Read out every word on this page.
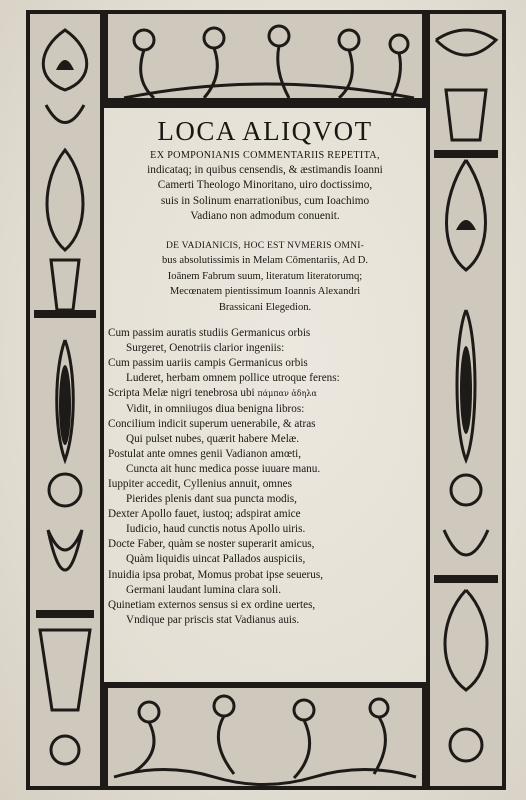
LOCA ALIQVOT
EX POMPONIANIS COMMENTARIIS REPETITA,
indicataq; in quibus censendis, & æstimandis Ioanni
Camerti Theologo Minoritano, uiro doctissimo,
suis in Solinum enarrationibus, cum Ioachimo
Vadiano non admodum conuenit.
DE VADIANICIS, HOC EST NVMERIS OMNI-
bus absolutissimis in Melam Cōmentariis, Ad D.
Ioānem Fabrum suum, literatum literatorumq;
Mecœnatem pientissimum Ioannis Alexandri
Brassicani Elegedion.
Cum passim auratis studiis Germanicus orbis
Surgeret, Oenotriis clarior ingeniis:
Cum passim uariis campis Germanicus orbis
Luderet, herbam omnem pollice utroque ferens:
Scripta Melæ nigri tenebrosa ubi πάμπαν ἀδηλα
Vidit, in omniiugos diua benigna libros:
Concilium indicit superum uenerabile, & atras
Qui pulset nubes, quærit habere Melæ.
Postulat ante omnes genii Vadianon amœti,
Cuncta ait hunc medica posse iuuare manu.
Iuppiter accedit, Cyllenius annuit, omnes
Pierides plenis dant sua puncta modis,
Dexter Apollo fauet, iustoq; adspirat amice
Iudicio, haud cunctis notus Apollo uiris.
Docte Faber, quàm se noster superarit amicus,
Quàm liquidis uincat Pallados auspiciis,
Inuidia ipsa probat, Momus probat ipse seuerus,
Germani laudant lumina clara soli.
Quinetiam externos sensus si ex ordine uertes,
Vndique par priscis stat Vadianus auis.
